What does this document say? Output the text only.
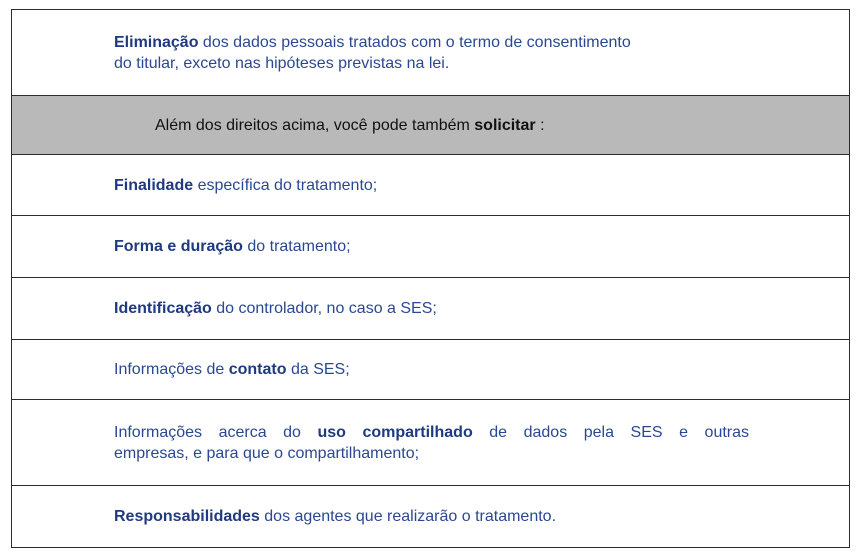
Eliminação dos dados pessoais tratados com o termo de consentimento
do titular, exceto nas hipóteses previstas na lei.
Além dos direitos acima, você pode também solicitar :
Finalidade específica do tratamento;
Forma e duração do tratamento;
Identificação do controlador, no caso a SES;
Informações de contato da SES;
Informações acerca do uso compartilhado de dados pela SES e outras
empresas, e para que o compartilhamento;
Responsabilidades dos agentes que realizarão o tratamento.
